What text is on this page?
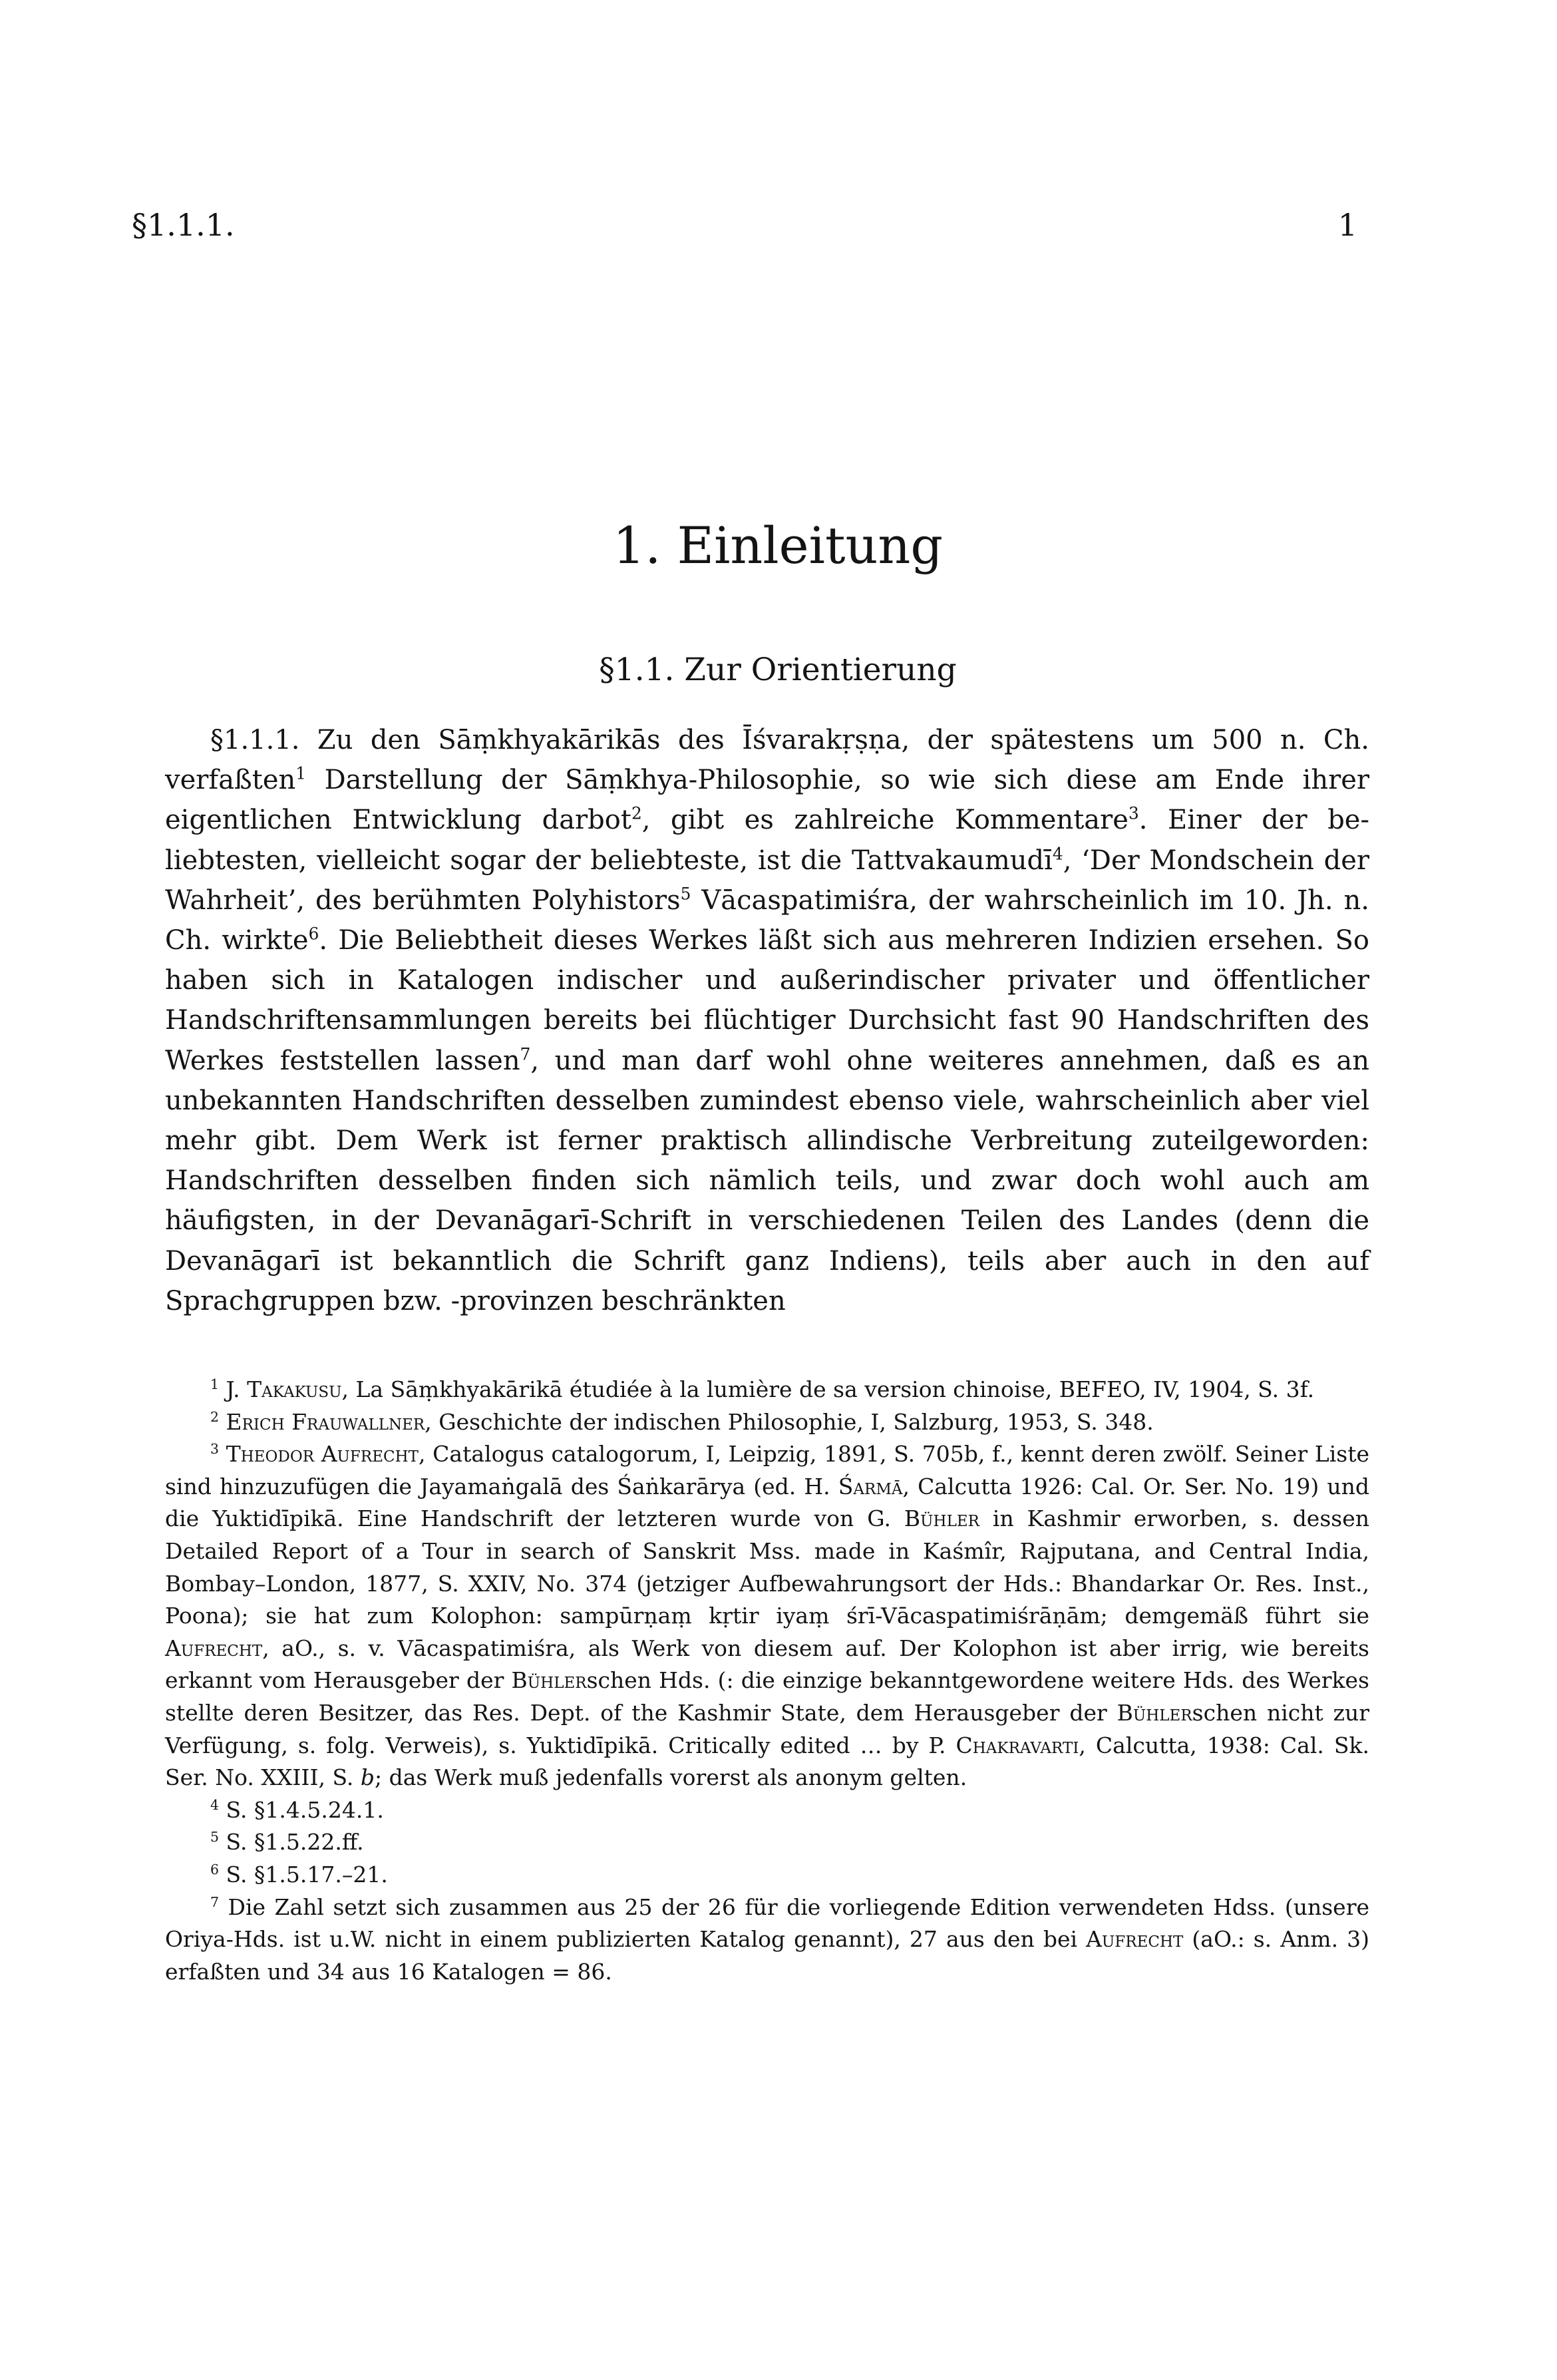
§1.1.1.	1
1. Einleitung
§1.1. Zur Orientierung

§1.1.1. Zu den Sāṃkhyakārikās des Īśvarakṛṣṇa, der spätestens um 500 n. Ch. verfaßten$^1$ Darstellung der Sāṃkhya-Philosophie, so wie sich diese am Ende ihrer eigentlichen Entwicklung darbot$^2$, gibt es zahlreiche Kommentare$^3$. Einer der beliebtesten, vielleicht sogar der beliebteste, ist die Tattvakaumudī$^4$, ‘Der Mondschein der Wahrheit’, des berühmten Polyhistors$^5$ Vācaspatimiśra, der wahrscheinlich im 10. Jh. n. Ch. wirkte$^6$. Die Beliebtheit dieses Werkes läßt sich aus mehreren Indizien ersehen. So haben sich in Katalogen indischer und außerindischer privater und öffentlicher Handschriftensammlungen bereits bei flüchtiger Durchsicht fast 90 Handschriften des Werkes feststellen lassen$^7$, und man darf wohl ohne weiteres annehmen, daß es an unbekannten Handschriften desselben zumindest ebenso viele, wahrscheinlich aber viel mehr gibt. Dem Werk ist ferner praktisch allindische Verbreitung zuteilgeworden: Handschriften desselben finden sich nämlich teils, und zwar doch wohl auch am häufigsten, in der Devanāgarī-Schrift in verschiedenen Teilen des Landes (denn die Devanāgarī ist bekanntlich die Schrift ganz Indiens), teils aber auch in den auf Sprachgruppen bzw. -provinzen beschränkten

$^1$ J. Takakusu, La Sāṃkhyakārikā étudiée à la lumière de sa version chinoise, BEFEO, IV, 1904, S. 3f.

$^2$ Erich Frauwallner, Geschichte der indischen Philosophie, I, Salzburg, 1953, S. 348.

$^3$ Theodor Aufrecht, Catalogus catalogorum, I, Leipzig, 1891, S. 705b, f., kennt deren zwölf. Seiner Liste sind hinzuzufügen die Jayamaṅgalā des Śaṅkarārya (ed. H. Śarmā, Calcutta 1926: Cal. Or. Ser. No. 19) und die Yuktidīpikā. Eine Handschrift der letzteren wurde von G. Bühler in Kashmir erworben, s. dessen Detailed Report of a Tour in search of Sanskrit Mss. made in Kaśmîr, Rajputana, and Central India, Bombay–London, 1877, S. XXIV, No. 374 (jetziger Aufbewahrungsort der Hds.: Bhandarkar Or. Res. Inst., Poona); sie hat zum Kolophon: sampūrṇaṃ kṛtir iyaṃ śrī-Vācaspatimiśrāṇām; demgemäß führt sie Aufrecht, aO., s. v. Vācaspatimiśra, als Werk von diesem auf. Der Kolophon ist aber irrig, wie bereits erkannt vom Herausgeber der Bühlerschen Hds. (: die einzige bekanntgewordene weitere Hds. des Werkes stellte deren Besitzer, das Res. Dept. of the Kashmir State, dem Herausgeber der Bühlerschen nicht zur Verfügung, s. folg. Verweis), s. Yuktidīpikā. Critically edited … by P. Chakravarti, Calcutta, 1938: Cal. Sk. Ser. No. XXIII, S. b; das Werk muß jedenfalls vorerst als anonym gelten.

$^4$ S. §1.4.5.24.1.

$^5$ S. §1.5.22.ff.

$^6$ S. §1.5.17.–21.

$^7$ Die Zahl setzt sich zusammen aus 25 der 26 für die vorliegende Edition verwendeten Hdss. (unsere Oriya-Hds. ist u.W. nicht in einem publizierten Katalog genannt), 27 aus den bei Aufrecht (aO.: s. Anm. 3) erfaßten und 34 aus 16 Katalogen = 86.
